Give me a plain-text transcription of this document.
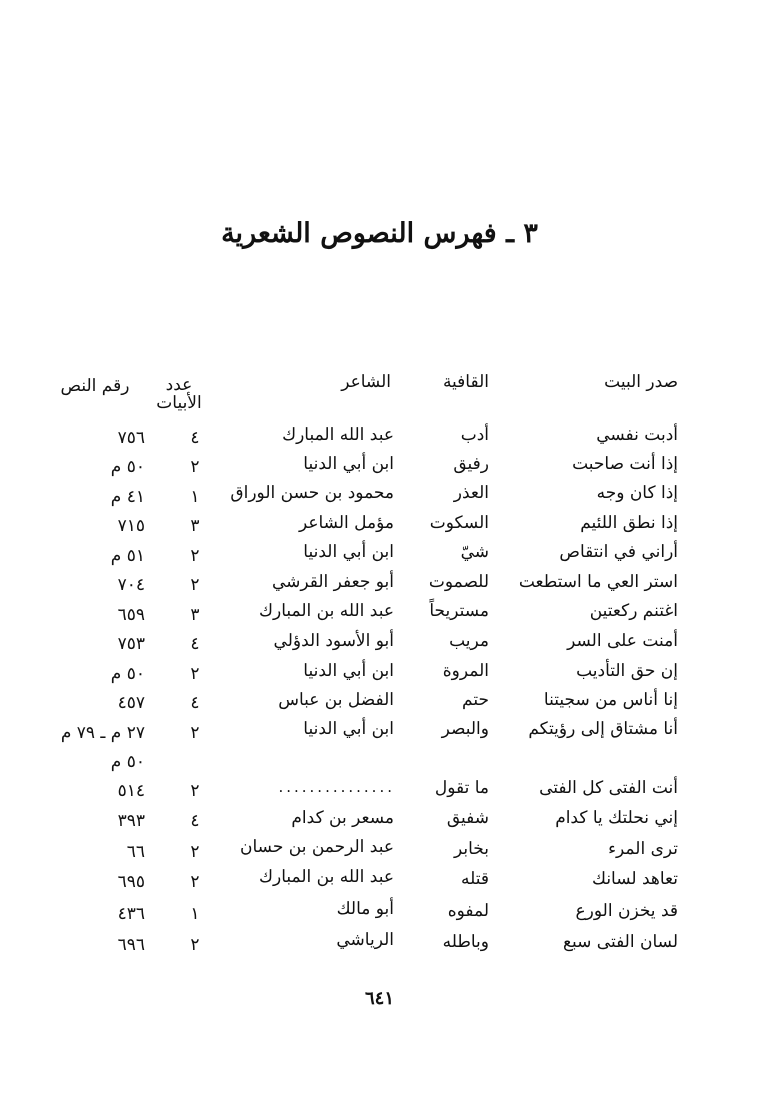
٣ ـ فهرس النصوص الشعرية
صدر البيت
القافية
الشاعر
عدد
الأبيات
رقم النص
أدبت نفسي
أدب
عبد الله المبارك
٤
٧٥٦
إذا أنت صاحبت
رفيق
ابن أبي الدنيا
٢
٥٠ م
إذا كان وجه
العذر
محمود بن حسن الوراق
١
٤١ م
إذا نطق اللئيم
السكوت
مؤمل الشاعر
٣
٧١٥
أراني في انتقاص
شيّ
ابن أبي الدنيا
٢
٥١ م
استر العي ما استطعت
للصموت
أبو جعفر القرشي
٢
٧٠٤
اغتنم ركعتين
مستريحاً
عبد الله بن المبارك
٣
٦٥٩
أمنت على السر
مريب
أبو الأسود الدؤلي
٤
٧٥٣
إن حق التأديب
المروة
ابن أبي الدنيا
٢
٥٠ م
إنا أناس من سجيتنا
حتم
الفضل بن عباس
٤
٤٥٧
أنا مشتاق إلى رؤيتكم
والبصر
ابن أبي الدنيا
٢
٢٧ م ـ ٧٩ م
٥٠ م
أنت الفتى كل الفتى
ما تقول
...............
٢
٥١٤
إني نحلتك يا كدام
شفيق
مسعر بن كدام
٤
٣٩٣
ترى المرء
بخابر
عبد الرحمن بن حسان
٢
٦٦
تعاهد لسانك
قتله
عبد الله بن المبارك
٢
٦٩٥
قد يخزن الورع
لمفوه
أبو مالك
١
٤٣٦
لسان الفتى سبع
وباطله
الرياشي
٢
٦٩٦
٦٤١
